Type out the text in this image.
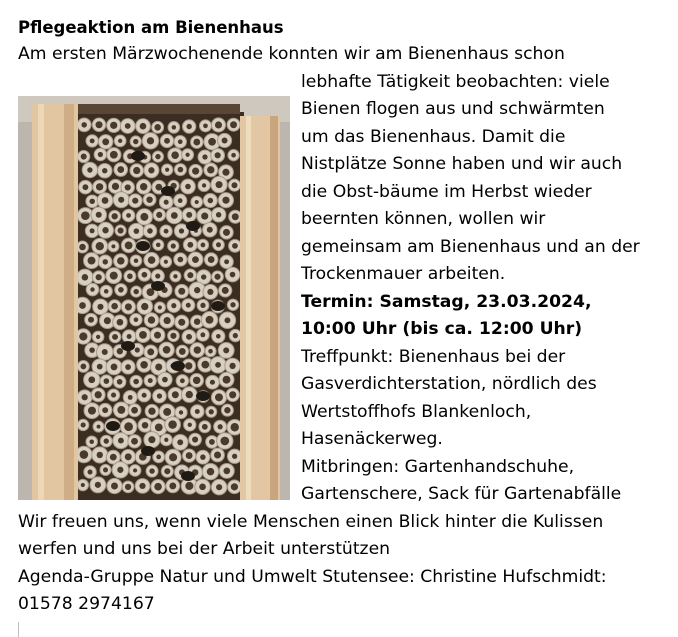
Pflegeaktion am Bienenhaus

Am ersten Märzwochenende konnten wir am Bienenhaus schon
lebhafte Tätigkeit beobachten: viele
Bienen flogen aus und schwärmten
um das Bienenhaus. Damit die
Nistplätze Sonne haben und wir auch
die Obst-bäume im Herbst wieder
beernten können, wollen wir
gemeinsam am Bienenhaus und an der
Trockenmauer arbeiten.
Termin: Samstag, 23.03.2024,
10:00 Uhr (bis ca. 12:00 Uhr)
Treffpunkt: Bienenhaus bei der
Gasverdichterstation, nördlich des
Wertstoffhofs Blankenloch,
Hasenäckerweg.
Mitbringen: Gartenhandschuhe,
Gartenschere, Sack für Gartenabfälle
Wir freuen uns, wenn viele Menschen einen Blick hinter die Kulissen
werfen und uns bei der Arbeit unterstützen
Agenda-Gruppe Natur und Umwelt Stutensee: Christine Hufschmidt:
01578 2974167
